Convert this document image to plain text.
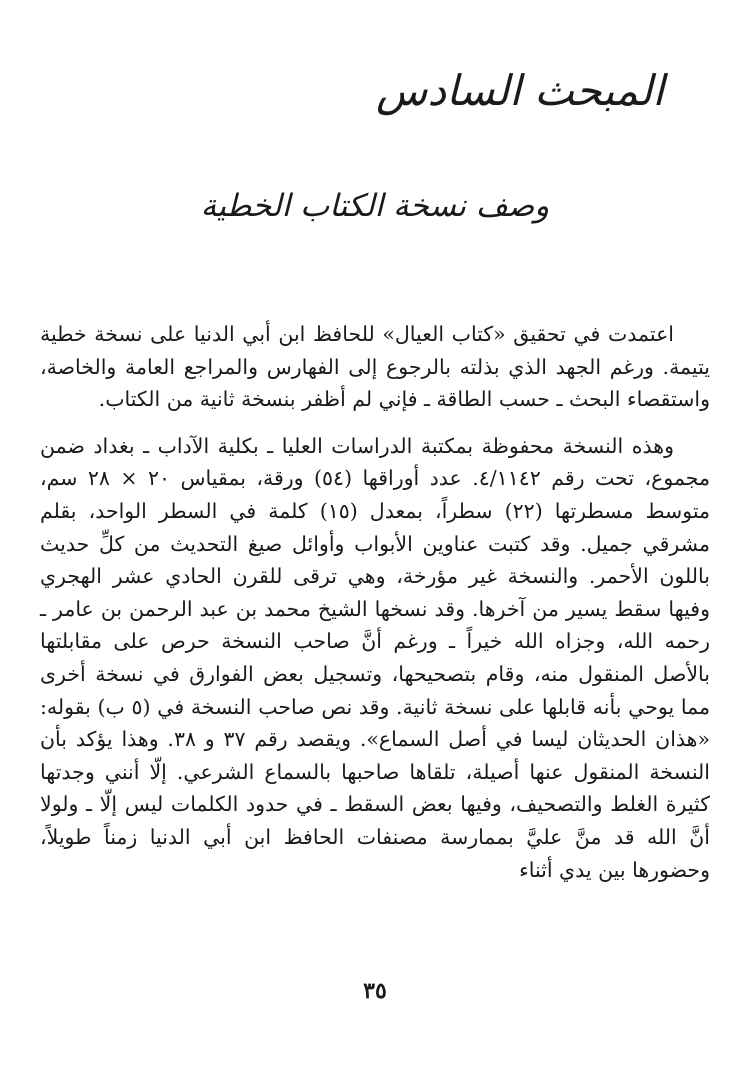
المبحث السادس
وصف نسخة الكتاب الخطية

اعتمدت في تحقيق «كتاب العيال» للحافظ ابن أبي الدنيا على نسخة خطية يتيمة. ورغم الجهد الذي بذلته بالرجوع إلى الفهارس والمراجع العامة والخاصة، واستقصاء البحث ـ حسب الطاقة ـ فإني لم أظفر بنسخة ثانية من الكتاب.

وهذه النسخة محفوظة بمكتبة الدراسات العليا ـ بكلية الآداب ـ بغداد ضمن مجموع، تحت رقم ٤/١١٤٢. عدد أوراقها (٥٤) ورقة، بمقياس ٢٠ × ٢٨ سم، متوسط مسطرتها (٢٢) سطراً، بمعدل (١٥) كلمة في السطر الواحد، بقلم مشرقي جميل. وقد كتبت عناوين الأبواب وأوائل صيغ التحديث من كلِّ حديث باللون الأحمر. والنسخة غير مؤرخة، وهي ترقى للقرن الحادي عشر الهجري وفيها سقط يسير من آخرها. وقد نسخها الشيخ محمد بن عبد الرحمن بن عامر ـ رحمه الله، وجزاه الله خيراً ـ ورغم أنَّ صاحب النسخة حرص على مقابلتها بالأصل المنقول منه، وقام بتصحيحها، وتسجيل بعض الفوارق في نسخة أخرى مما يوحي بأنه قابلها على نسخة ثانية. وقد نص صاحب النسخة في (٥ ب) بقوله: «هذان الحديثان ليسا في أصل السماع». ويقصد رقم ٣٧ و ٣٨. وهذا يؤكد بأن النسخة المنقول عنها أصيلة، تلقاها صاحبها بالسماع الشرعي. إلّا أنني وجدتها كثيرة الغلط والتصحيف، وفيها بعض السقط ـ في حدود الكلمات ليس إلّا ـ ولولا أنَّ الله قد منَّ عليَّ بممارسة مصنفات الحافظ ابن أبي الدنيا زمناً طويلاً، وحضورها بين يدي أثناء

٣٥
